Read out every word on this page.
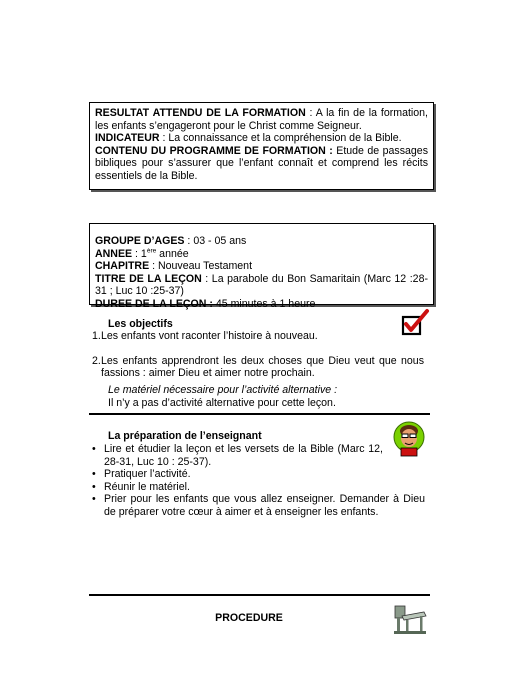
RESULTAT ATTENDU DE LA FORMATION : A la fin de la formation, les enfants s’engageront pour le Christ comme Seigneur.

INDICATEUR : La connaissance et la compréhension de la Bible.

CONTENU DU PROGRAMME DE FORMATION : Etude de passages bibliques pour s’assurer que l’enfant connaît et comprend les récits essentiels de la Bible.

GROUPE D’AGES : 03 - 05 ans

ANNEE : 1ère année

CHAPITRE : Nouveau Testament

TITRE DE LA LEÇON : La parabole du Bon Samaritain (Marc 12 :28-31 ; Luc 10 :25-37)

DUREE DE LA LEÇON : 45 minutes à 1 heure

Les objectifs
1. Les enfants vont raconter l’histoire à nouveau.

2. Les enfants apprendront les deux choses que Dieu veut que nous fassions : aimer Dieu et aimer notre prochain.

Le matériel nécessaire pour l’activité alternative :

Il n’y a pas d’activité alternative pour cette leçon.

La préparation de l’enseignant
• Lire et étudier la leçon et les versets de la Bible (Marc 12, 28-31, Luc 10 : 25-37).

• Pratiquer l’activité.

• Réunir le matériel.

• Prier pour les enfants que vous allez enseigner. Demander à Dieu de préparer votre cœur à aimer et à enseigner les enfants.

PROCEDURE
